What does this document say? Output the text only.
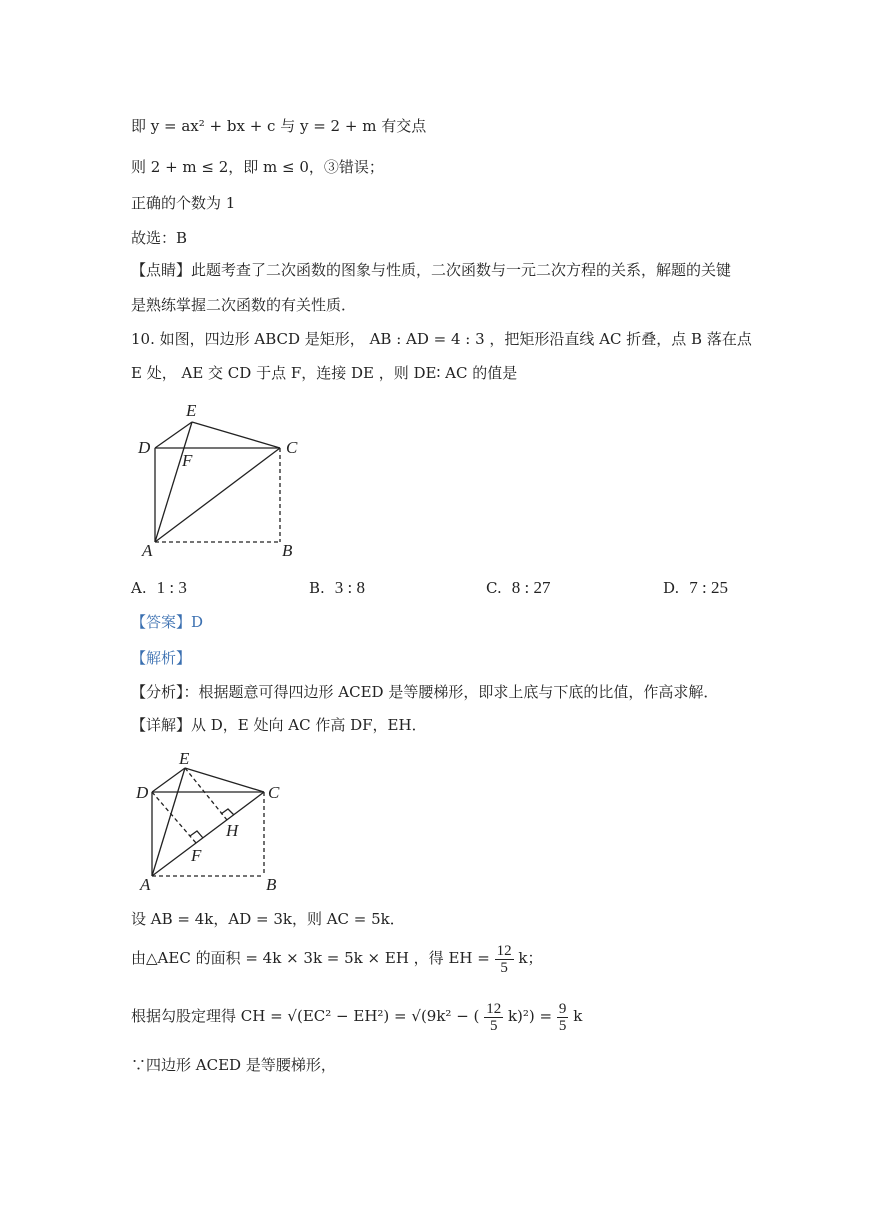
即 y = ax² + bx + c 与 y = 2 + m 有交点
则 2 + m ≤ 2，即 m ≤ 0，③错误；
正确的个数为 1
故选：B
【点睛】此题考查了二次函数的图象与性质，二次函数与一元二次方程的关系，解题的关键
是熟练掌握二次函数的有关性质．
10. 如图，四边形 ABCD 是矩形， AB : AD = 4 : 3 ，把矩形沿直线 AC 折叠，点 B 落在点
E 处， AE 交 CD 于点 F，连接 DE ，则 DE∶ AC 的值是
E
D
F
C
A	B
A. 1 : 3	B. 3 : 8	C. 8 : 27	D. 7 : 25
【答案】D
【解析】
【分析】：根据题意可得四边形 ACED 是等腰梯形，即求上底与下底的比值，作高求解．
【详解】从 D，E 处向 AC 作高 DF，EH．
E
D	C
H
F
A	B
设 AB = 4k，AD = 3k，则 AC = 5k．
由△AEC 的面积 = 4k × 3k = 5k × EH ，得 EH = $\frac{12}{5}$ k；
根据勾股定理得 CH = √(EC² − EH²) = √(9k² − ( $\frac{12}{5} k)^2) = \frac{9}{5}$ k
∵四边形 ACED 是等腰梯形，
